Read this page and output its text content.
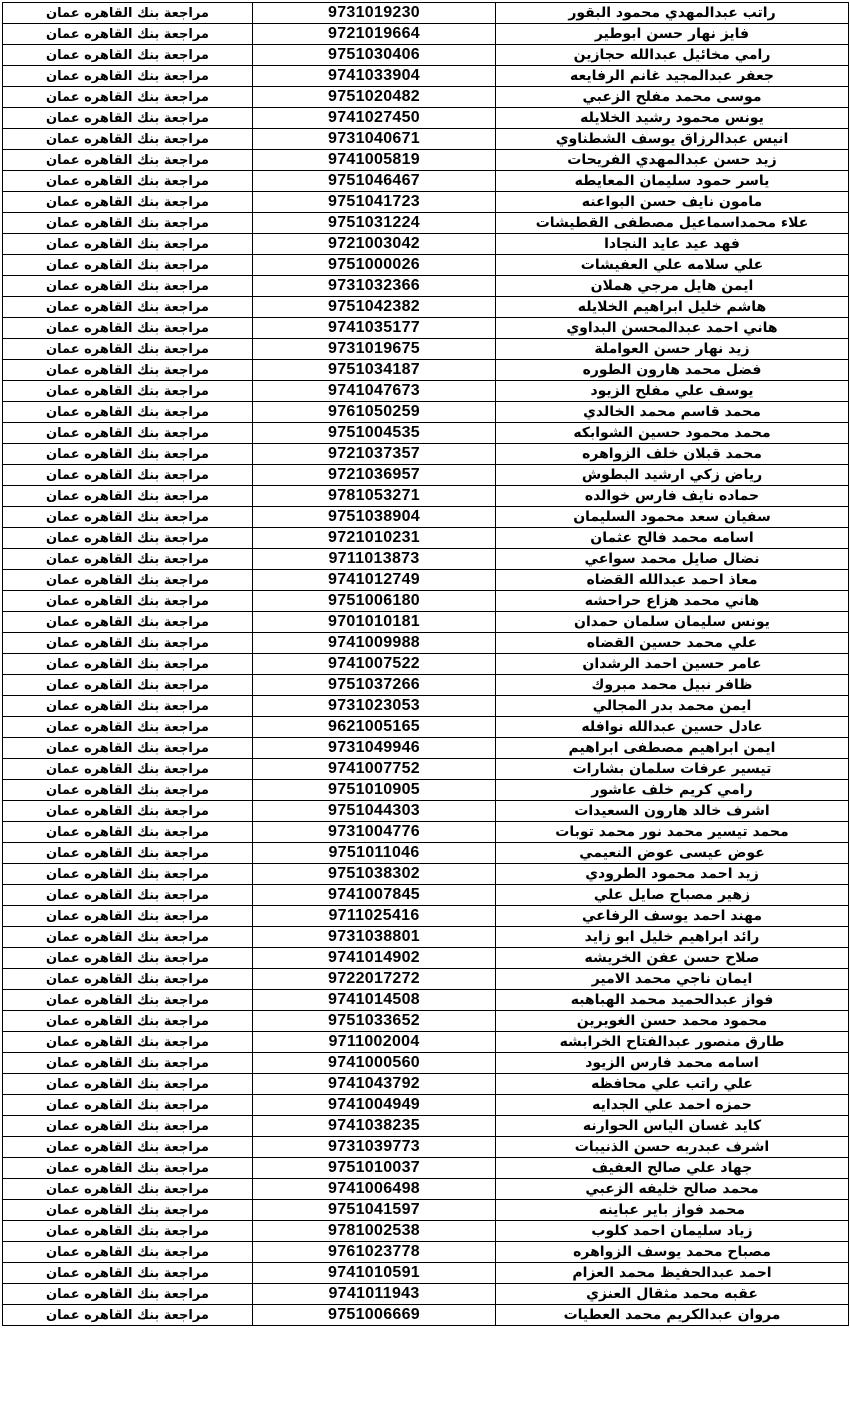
مراجعة بنك القاهره عمان	9731019230	راتب عبدالمهدي محمود البقور
مراجعة بنك القاهره عمان	9721019664	فايز نهار حسن ابوطير
مراجعة بنك القاهره عمان	9751030406	رامي مخائيل عبدالله حجازين
مراجعة بنك القاهره عمان	9741033904	جعفر عبدالمجيد غانم الرفايعه
مراجعة بنك القاهره عمان	9751020482	موسى محمد مفلح الزعبي
مراجعة بنك القاهره عمان	9741027450	يونس محمود رشيد الخلايله
مراجعة بنك القاهره عمان	9731040671	انيس عبدالرزاق يوسف الشطناوي
مراجعة بنك القاهره عمان	9741005819	زيد حسن عبدالمهدي الفريحات
مراجعة بنك القاهره عمان	9751046467	ياسر حمود سليمان المعايطه
مراجعة بنك القاهره عمان	9751041723	مامون نايف حسن البواعنه
مراجعة بنك القاهره عمان	9751031224	علاء محمداسماعيل مصطفى القطيشات
مراجعة بنك القاهره عمان	9721003042	فهد عيد عايد النجادا
مراجعة بنك القاهره عمان	9751000026	علي سلامه علي العفيشات
مراجعة بنك القاهره عمان	9731032366	ايمن هايل مرجي هملان
مراجعة بنك القاهره عمان	9751042382	هاشم خليل ابراهيم الخلايله
مراجعة بنك القاهره عمان	9741035177	هاني احمد عبدالمحسن البداوي
مراجعة بنك القاهره عمان	9731019675	زيد نهار حسن العواملة
مراجعة بنك القاهره عمان	9751034187	فضل محمد هارون الطوره
مراجعة بنك القاهره عمان	9741047673	يوسف علي مفلح الزيود
مراجعة بنك القاهره عمان	9761050259	محمد قاسم محمد الخالدي
مراجعة بنك القاهره عمان	9751004535	محمد محمود حسين الشوابكه
مراجعة بنك القاهره عمان	9721037357	محمد قبلان خلف الزواهره
مراجعة بنك القاهره عمان	9721036957	رياض زكي ارشيد البطوش
مراجعة بنك القاهره عمان	9781053271	حماده نايف فارس خوالده
مراجعة بنك القاهره عمان	9751038904	سفيان سعد محمود السليمان
مراجعة بنك القاهره عمان	9721010231	اسامه محمد فالح عثمان
مراجعة بنك القاهره عمان	9711013873	نضال صايل محمد سواعي
مراجعة بنك القاهره عمان	9741012749	معاذ احمد عبدالله القضاه
مراجعة بنك القاهره عمان	9751006180	هاني محمد هزاع حراحشه
مراجعة بنك القاهره عمان	9701010181	يونس سليمان سلمان حمدان
مراجعة بنك القاهره عمان	9741009988	علي محمد حسين القضاه
مراجعة بنك القاهره عمان	9741007522	عامر حسين احمد الرشدان
مراجعة بنك القاهره عمان	9751037266	ظافر نبيل محمد مبروك
مراجعة بنك القاهره عمان	9731023053	ايمن محمد بدر المجالي
مراجعة بنك القاهره عمان	9621005165	عادل حسين عبدالله نوافله
مراجعة بنك القاهره عمان	9731049946	ايمن ابراهيم مصطفى ابراهيم
مراجعة بنك القاهره عمان	9741007752	تيسير عرفات سلمان بشارات
مراجعة بنك القاهره عمان	9751010905	رامي كريم خلف عاشور
مراجعة بنك القاهره عمان	9751044303	اشرف خالد هارون السعيدات
مراجعة بنك القاهره عمان	9731004776	محمد تيسير محمد نور محمد توبات
مراجعة بنك القاهره عمان	9751011046	عوض عيسى عوض النعيمي
مراجعة بنك القاهره عمان	9751038302	زيد احمد محمود الطرودي
مراجعة بنك القاهره عمان	9741007845	زهير مصباح صايل علي
مراجعة بنك القاهره عمان	9711025416	مهند احمد يوسف الرفاعي
مراجعة بنك القاهره عمان	9731038801	رائد ابراهيم خليل ابو زايد
مراجعة بنك القاهره عمان	9741014902	صلاح حسن عفن الخريشه
مراجعة بنك القاهره عمان	9722017272	ايمان ناجي محمد الامير
مراجعة بنك القاهره عمان	9741014508	فواز عبدالحميد محمد الهباهبه
مراجعة بنك القاهره عمان	9751033652	محمود محمد حسن الغويرين
مراجعة بنك القاهره عمان	9711002004	طارق منصور عبدالفتاح الخرابشه
مراجعة بنك القاهره عمان	9741000560	اسامه محمد فارس الزيود
مراجعة بنك القاهره عمان	9741043792	علي راتب علي محافظه
مراجعة بنك القاهره عمان	9741004949	حمزه احمد علي الجدايه
مراجعة بنك القاهره عمان	9741038235	كايد غسان الياس الحوارنه
مراجعة بنك القاهره عمان	9731039773	اشرف عبدربه حسن الذنيبات
مراجعة بنك القاهره عمان	9751010037	جهاد علي صالح العفيف
مراجعة بنك القاهره عمان	9741006498	محمد صالح خليفه الزعبي
مراجعة بنك القاهره عمان	9751041597	محمد فواز باير عباينه
مراجعة بنك القاهره عمان	9781002538	زياد سليمان احمد كلوب
مراجعة بنك القاهره عمان	9761023778	مصباح محمد يوسف الزواهره
مراجعة بنك القاهره عمان	9741010591	احمد عبدالحفيظ محمد العزام
مراجعة بنك القاهره عمان	9741011943	عقبه محمد مثقال العنزي
مراجعة بنك القاهره عمان	9751006669	مروان عبدالكريم محمد العطيات
